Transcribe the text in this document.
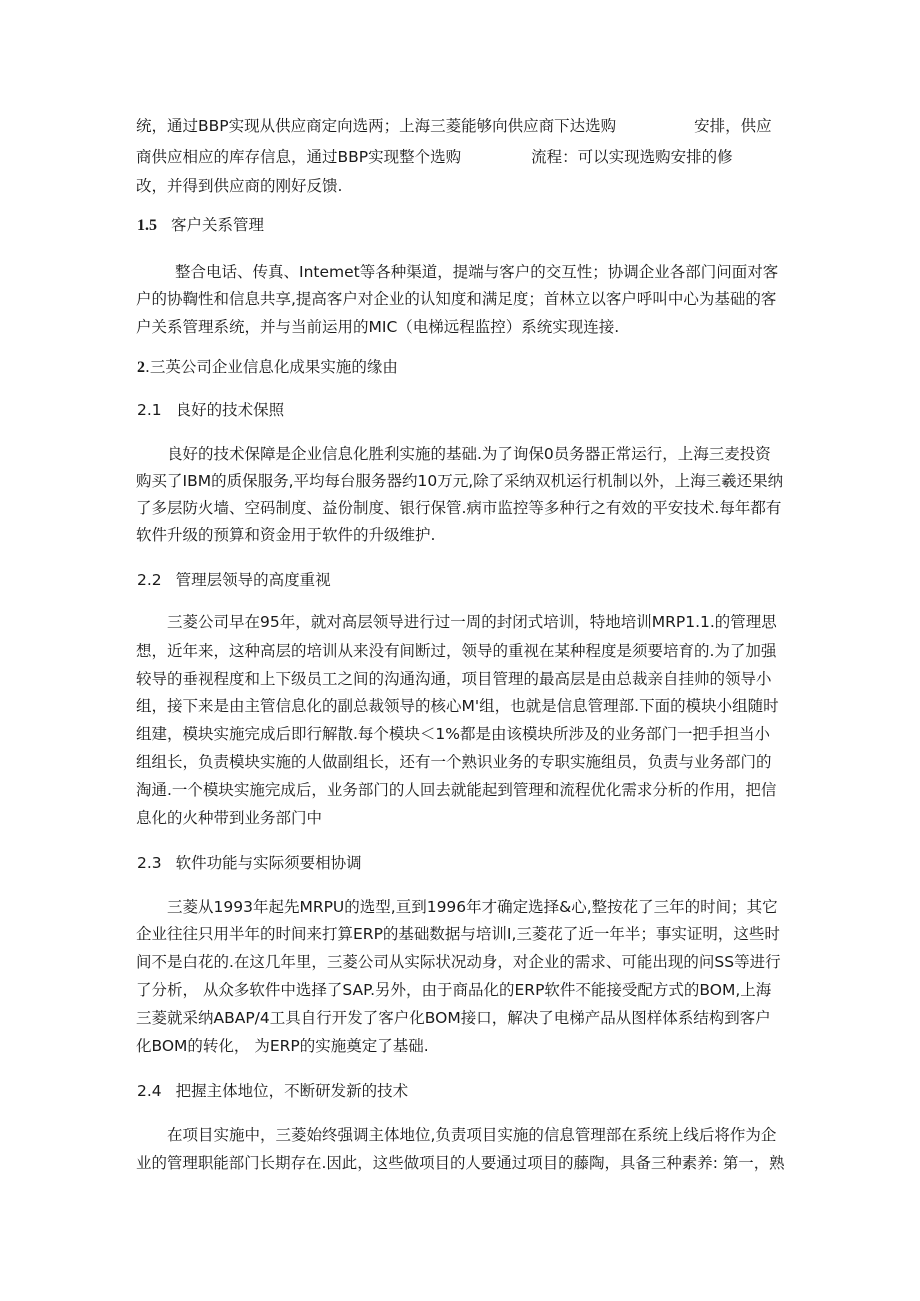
统，通过BBP实现从供应商定向选两；上海三菱能够向供应商下达选购	安排，供应
商供应相应的库存信息，通过BBP实现整个选购	流程：可以实现选购安排的修
改，并得到供应商的刚好反馈.
1.5 客户关系管理
整合电话、传真、Intemet等各种渠道，提端与客户的交互性；协调企业各部门问面对客
户的协鞫性和信息共享,提高客户对企业的认知度和满足度；首林立以客户呼叫中心为基础的客
户关系管理系统，并与当前运用的MIC（电梯远程监控）系统实现连接.
2.三英公司企业信息化成果实施的缘由
2.1 良好的技术保照
良好的技术保障是企业信息化胜利实施的基础.为了询保0员务器正常运行，上海三麦投资
购买了IBM的质保服务,平均每台服务器约10万元,除了采纳双机运行机制以外，上海三羲还果纳
了多层防火墙、空码制度、益份制度、银行保管.病市监控等多种行之有效的平安技术.每年都有
软件升级的预算和资金用于软件的升级维护.
2.2 管理层领导的高度重视
三菱公司早在95年，就对高层领导进行过一周的封闭式培训，特地培训MRP1.1.的管理思
想，近年来，这种高层的培训从来没有间断过，领导的重视在某种程度是须要培育的.为了加强
较导的垂视程度和上下级员工之间的沟通沟通，项目管理的最高层是由总裁亲自挂帅的领导小
组，接下来是由主管信息化的副总裁领导的核心M'组，也就是信息管理部.下面的模块小组随时
组建，模块实施完成后即行解散.每个模块＜1%都是由该模块所涉及的业务部门一把手担当小
组组长，负责模块实施的人做副组长，还有一个熟识业务的专职实施组员，负责与业务部门的
淘通.一个模块实施完成后，业务部门的人回去就能起到管理和流程优化需求分析的作用，把信
息化的火种带到业务部门中
2.3 软件功能与实际须要相协调
三菱从1993年起先MRPU的选型,亘到1996年才确定选择&心,整按花了三年的时间；其它
企业往往只用半年的时间来打算ERP的基础数据与培训I,三菱花了近一年半；事实证明，这些时
间不是白花的.在这几年里，三菱公司从实际状况动身，对企业的需求、可能出现的问SS等进行
了分析， 从众多软件中选择了SAP.另外，由于商品化的ERP软件不能接受配方式的BOM,上海
三菱就采纳ABAP/4工具自行开发了客户化BOM接口，解决了电梯产品从图样体系结构到客户
化BOM的转化， 为ERP的实施奠定了基础.
2.4 把握主体地位，不断研发新的技术
在项目实施中，三菱始终强调主体地位,负责项目实施的信息管理部在系统上线后将作为企
业的管理职能部门长期存在.因此，这些做项目的人要通过项目的藤陶，具备三种素养: 第一，熟
